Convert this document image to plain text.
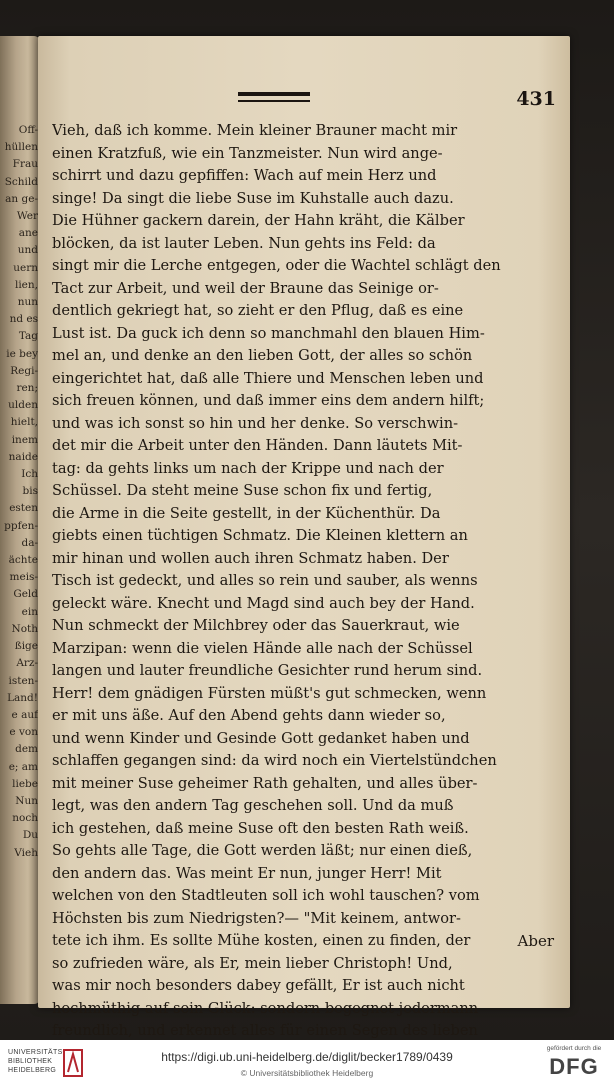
Off-
hüllen
Frau
Schild
an ge-
Wer
ane
und
uern
lien,
nun
nd es
Tag
ie bey
Regi-
ren;
ulden
hielt,
inem
naide
Ich
bis
esten
ppfen-
da-
ächte
meis-
Geld
ein
Noth
ßige
Arz-
isten-
Land!
e auf
e von
dem
e; am
liebe
Nun
noch
Du
Vieh
431
Vieh, daß ich komme. Mein kleiner Brauner macht mir
einen Kratzfuß, wie ein Tanzmeister. Nun wird ange-
schirrt und dazu gepfiffen: Wach auf mein Herz und
singe! Da singt die liebe Suse im Kuhstalle auch dazu.
Die Hühner gackern darein, der Hahn kräht, die Kälber
blöcken, da ist lauter Leben. Nun gehts ins Feld: da
singt mir die Lerche entgegen, oder die Wachtel schlägt den
Tact zur Arbeit, und weil der Braune das Seinige or-
dentlich gekriegt hat, so zieht er den Pflug, daß es eine
Lust ist. Da guck ich denn so manchmahl den blauen Him-
mel an, und denke an den lieben Gott, der alles so schön
eingerichtet hat, daß alle Thiere und Menschen leben und
sich freuen können, und daß immer eins dem andern hilft;
und was ich sonst so hin und her denke. So verschwin-
det mir die Arbeit unter den Händen. Dann läutets Mit-
tag: da gehts links um nach der Krippe und nach der
Schüssel. Da steht meine Suse schon fix und fertig,
die Arme in die Seite gestellt, in der Küchenthür. Da
giebts einen tüchtigen Schmatz. Die Kleinen klettern an
mir hinan und wollen auch ihren Schmatz haben. Der
Tisch ist gedeckt, und alles so rein und sauber, als wenns
geleckt wäre. Knecht und Magd sind auch bey der Hand.
Nun schmeckt der Milchbrey oder das Sauerkraut, wie
Marzipan: wenn die vielen Hände alle nach der Schüssel
langen und lauter freundliche Gesichter rund herum sind.
Herr! dem gnädigen Fürsten müßt's gut schmecken, wenn
er mit uns äße. Auf den Abend gehts dann wieder so,
und wenn Kinder und Gesinde Gott gedanket haben und
schlaffen gegangen sind: da wird noch ein Viertelstündchen
mit meiner Suse geheimer Rath gehalten, und alles über-
legt, was den andern Tag geschehen soll. Und da muß
ich gestehen, daß meine Suse oft den besten Rath weiß.
So gehts alle Tage, die Gott werden läßt; nur einen dieß,
den andern das. Was meint Er nun, junger Herr! Mit
welchen von den Stadtleuten soll ich wohl tauschen? vom
Höchsten bis zum Niedrigsten?— "Mit keinem, antwor-
tete ich ihm. Es sollte Mühe kosten, einen zu finden, der
so zufrieden wäre, als Er, mein lieber Christoph! Und,
was mir noch besonders dabey gefällt, Er ist auch nicht
hochmüthig auf sein Glück: sondern begegnet jedermann
freundlich, und erkennet alles für einen Segen des lieben
Aber
UNIVERSITÄTS-
BIBLIOTHEK
HEIDELBERG
https://digi.ub.uni-heidelberg.de/diglit/becker1789/0439
© Universitätsbibliothek Heidelberg
gefördert durch die
DFG
